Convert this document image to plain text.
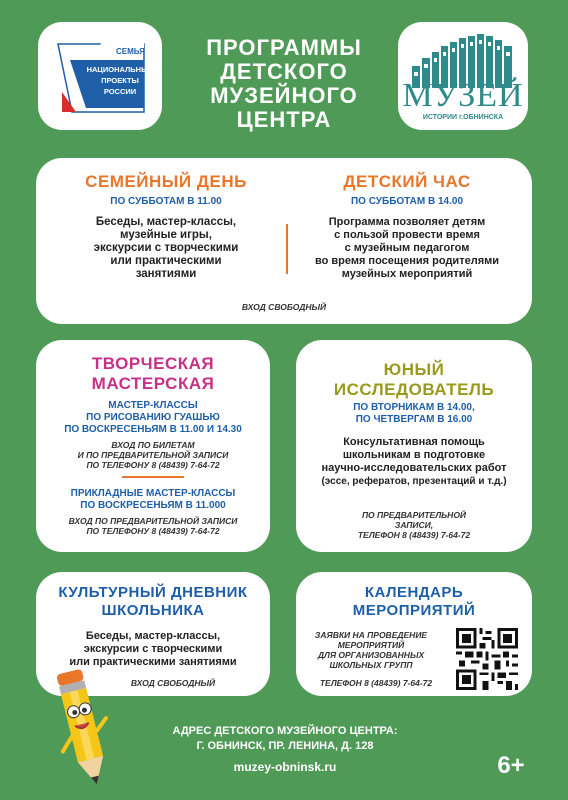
СЕМЬЯ
НАЦИОНАЛЬНЫЕ
ПРОЕКТЫ
РОССИИ
ПРОГРАММЫ
ДЕТСКОГО
МУЗЕЙНОГО
ЦЕНТРА
МУЗЕЙ
ИСТОРИИ г.ОБНИНСКА
СЕМЕЙНЫЙ ДЕНЬ
ПО СУББОТАМ В 11.00
Беседы, мастер-классы,
музейные игры,
экскурсии с творческими
или практическими
занятиями
ДЕТСКИЙ ЧАС
ПО СУББОТАМ В 14.00
Программа позволяет детям
с пользой провести время
с музейным педагогом
во время посещения родителями
музейных мероприятий
ВХОД СВОБОДНЫЙ
ТВОРЧЕСКАЯ
МАСТЕРСКАЯ
МАСТЕР-КЛАССЫ
ПО РИСОВАНИЮ ГУАШЬЮ
ПО ВОСКРЕСЕНЬЯМ В 11.00 И 14.30
ВХОД ПО БИЛЕТАМ
И ПО ПРЕДВАРИТЕЛЬНОЙ ЗАПИСИ
ПО ТЕЛЕФОНУ 8 (48439) 7-64-72
ПРИКЛАДНЫЕ МАСТЕР-КЛАССЫ
ПО ВОСКРЕСЕНЬЯМ В 11.000
ВХОД ПО ПРЕДВАРИТЕЛЬНОЙ ЗАПИСИ
ПО ТЕЛЕФОНУ 8 (48439) 7-64-72
ЮНЫЙ
ИССЛЕДОВАТЕЛЬ
ПО ВТОРНИКАМ В 14.00,
ПО ЧЕТВЕРГАМ В 16.00
Консультативная помощь
школьникам в подготовке
научно-исследовательских работ
(эссе, рефератов, презентаций и т.д.)
ПО ПРЕДВАРИТЕЛЬНОЙ
ЗАПИСИ,
ТЕЛЕФОН 8 (48439) 7-64-72
КУЛЬТУРНЫЙ ДНЕВНИК
ШКОЛЬНИКА
Беседы, мастер-классы,
экскурсии с творческими
или практическими занятиями
ВХОД СВОБОДНЫЙ
КАЛЕНДАРЬ
МЕРОПРИЯТИЙ
ЗАЯВКИ НА ПРОВЕДЕНИЕ
МЕРОПРИЯТИЙ
ДЛЯ ОРГАНИЗОВАННЫХ
ШКОЛЬНЫХ ГРУПП
ТЕЛЕФОН 8 (48439) 7-64-72
АДРЕС ДЕТСКОГО МУЗЕЙНОГО ЦЕНТРА:
Г. ОБНИНСК, ПР. ЛЕНИНА, Д. 128
muzey-obninsk.ru	6+
